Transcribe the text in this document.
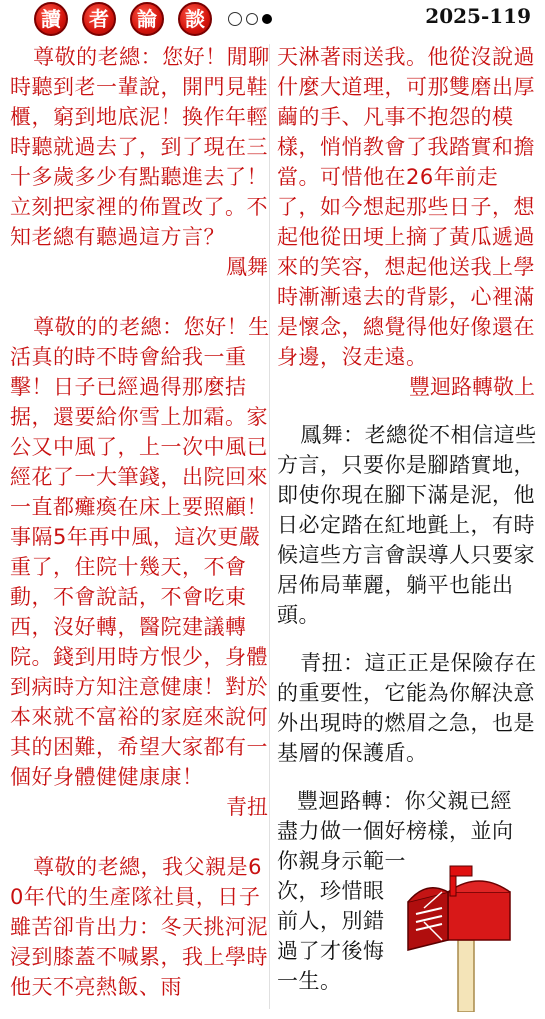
讀	者	論	談	2025-119

尊敬的老總：您好！閒聊時聽到老一輩說，開門見鞋櫃，窮到地底泥！換作年輕時聽就過去了，到了現在三十多歲多少有點聽進去了！立刻把家裡的佈置改了。不知老總有聽過這方言？

鳳舞

尊敬的的老總：您好！生活真的時不時會給我一重擊！日子已經過得那麼拮据，還要給你雪上加霜。家公又中風了，上一次中風已經花了一大筆錢，出院回來一直都癱瘓在床上要照顧！事隔5年再中風，這次更嚴重了，住院十幾天，不會動，不會說話，不會吃東西，沒好轉，醫院建議轉院。錢到用時方恨少，身體到病時方知注意健康！對於本來就不富裕的家庭來說何其的困難，希望大家都有一個好身體健健康康！

青扭

尊敬的老總，我父親是60年代的生產隊社員，日子雖苦卻肯出力：冬天挑河泥浸到膝蓋不喊累，我上學時他天不亮熱飯、雨

天淋著雨送我。他從沒說過什麼大道理，可那雙磨出厚繭的手、凡事不抱怨的模樣，悄悄教會了我踏實和擔當。可惜他在26年前走了，如今想起那些日子，想起他從田埂上摘了黃瓜遞過來的笑容，想起他送我上學時漸漸遠去的背影，心裡滿是懷念，總覺得他好像還在身邊，沒走遠。

豐迴路轉敬上

鳳舞：老總從不相信這些方言，只要你是腳踏實地，即使你現在腳下滿是泥，他日必定踏在紅地氈上，有時候這些方言會誤導人只要家居佈局華麗，躺平也能出頭。

青扭：這正正是保險存在的重要性，它能為你解決意外出現時的燃眉之急，也是基層的保護盾。

豐迴路轉：你父親已經

盡力做一個好榜樣，並向

你親身示範一

次，珍惜眼

前人，別錯

過了才後悔

一生。
